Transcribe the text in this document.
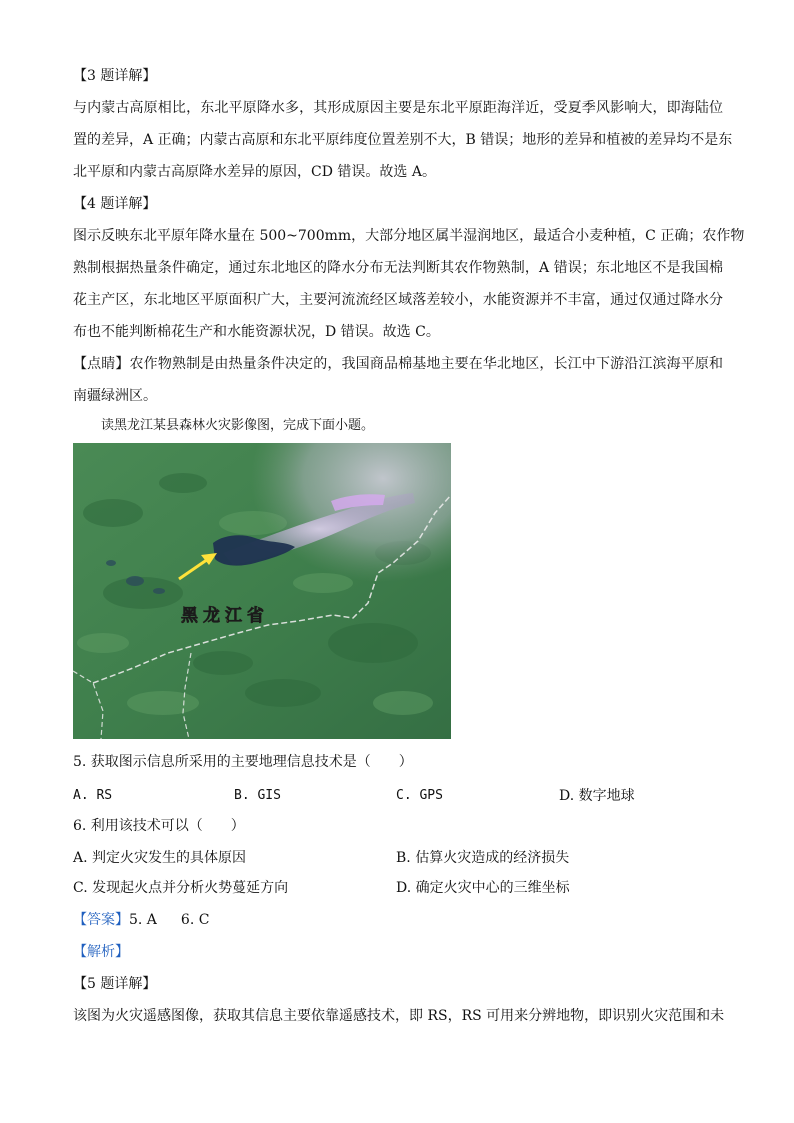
【3 题详解】
与内蒙古高原相比，东北平原降水多，其形成原因主要是东北平原距海洋近，受夏季风影响大，即海陆位
置的差异，A 正确；内蒙古高原和东北平原纬度位置差别不大，B 错误；地形的差异和植被的差异均不是东
北平原和内蒙古高原降水差异的原因，CD 错误。故选 A。
【4 题详解】
图示反映东北平原年降水量在 500~700mm，大部分地区属半湿润地区，最适合小麦种植，C 正确；农作物
熟制根据热量条件确定，通过东北地区的降水分布无法判断其农作物熟制，A 错误；东北地区不是我国棉
花主产区，东北地区平原面积广大，主要河流流经区域落差较小，水能资源并不丰富，通过仅通过降水分
布也不能判断棉花生产和水能资源状况，D 错误。故选 C。
【点睛】农作物熟制是由热量条件决定的，我国商品棉基地主要在华北地区，长江中下游沿江滨海平原和
南疆绿洲区。
读黑龙江某县森林火灾影像图，完成下面小题。
黑龙江省
5. 获取图示信息所采用的主要地理信息技术是（　　）
A. RS	B. GIS	C. GPS	D. 数字地球
6. 利用该技术可以（　　）
A. 判定火灾发生的具体原因	B. 估算火灾造成的经济损失
C. 发现起火点并分析火势蔓延方向	D. 确定火灾中心的三维坐标
【答案】5. A 6. C
【解析】
【5 题详解】
该图为火灾遥感图像，获取其信息主要依靠遥感技术，即 RS，RS 可用来分辨地物，即识别火灾范围和未
